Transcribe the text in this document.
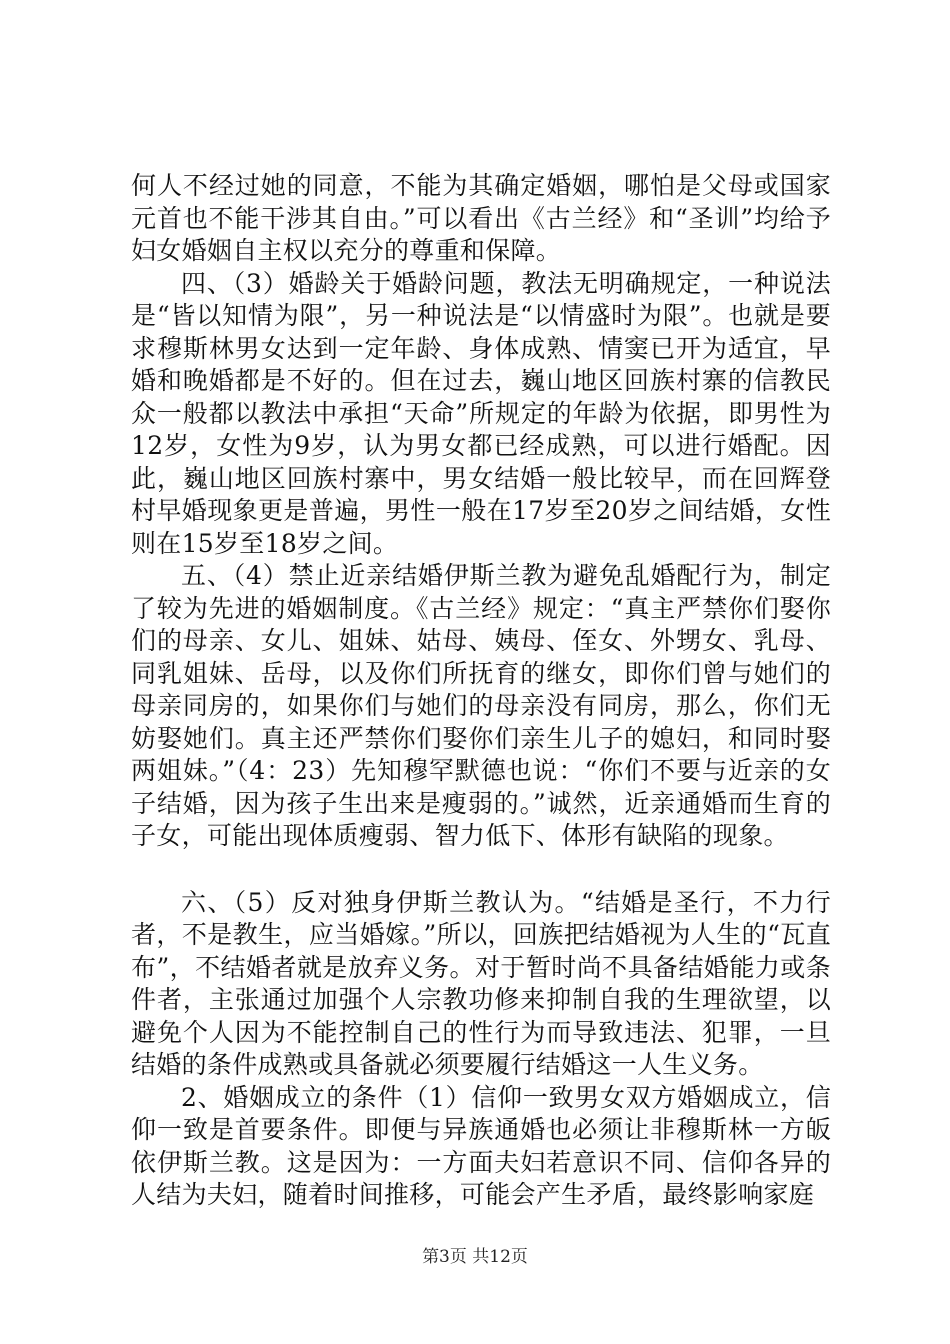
何人不经过她的同意，不能为其确定婚姻，哪怕是父母或国家元首也不能干涉其自由。”可以看出《古兰经》和“圣训”均给予妇女婚姻自主权以充分的尊重和保障。

四、（3）婚龄关于婚龄问题，教法无明确规定，一种说法是“皆以知情为限”，另一种说法是“以情盛时为限”。也就是要求穆斯林男女达到一定年龄、身体成熟、情窦已开为适宜，早婚和晚婚都是不好的。但在过去，巍山地区回族村寨的信教民众一般都以教法中承担“天命”所规定的年龄为依据，即男性为12岁，女性为9岁，认为男女都已经成熟，可以进行婚配。因此，巍山地区回族村寨中，男女结婚一般比较早，而在回辉登村早婚现象更是普遍，男性一般在17岁至20岁之间结婚，女性则在15岁至18岁之间。

五、（4）禁止近亲结婚伊斯兰教为避免乱婚配行为，制定了较为先进的婚姻制度。《古兰经》规定：“真主严禁你们娶你们的母亲、女儿、姐妹、姑母、姨母、侄女、外甥女、乳母、同乳姐妹、岳母，以及你们所抚育的继女，即你们曾与她们的母亲同房的，如果你们与她们的母亲没有同房，那么，你们无妨娶她们。真主还严禁你们娶你们亲生儿子的媳妇，和同时娶两姐妹。”（4：23）先知穆罕默德也说：“你们不要与近亲的女子结婚，因为孩子生出来是瘦弱的。”诚然，近亲通婚而生育的子女，可能出现体质瘦弱、智力低下、体形有缺陷的现象。

六、（5）反对独身伊斯兰教认为。“结婚是圣行，不力行者，不是教生，应当婚嫁。”所以，回族把结婚视为人生的“瓦直布”，不结婚者就是放弃义务。对于暂时尚不具备结婚能力或条件者，主张通过加强个人宗教功修来抑制自我的生理欲望，以避免个人因为不能控制自己的性行为而导致违法、犯罪，一旦结婚的条件成熟或具备就必须要履行结婚这一人生义务。

2、婚姻成立的条件（1）信仰一致男女双方婚姻成立，信仰一致是首要条件。即便与异族通婚也必须让非穆斯林一方皈依伊斯兰教。这是因为：一方面夫妇若意识不同、信仰各异的人结为夫妇，随着时间推移，可能会产生矛盾，最终影响家庭

第3页 共12页
